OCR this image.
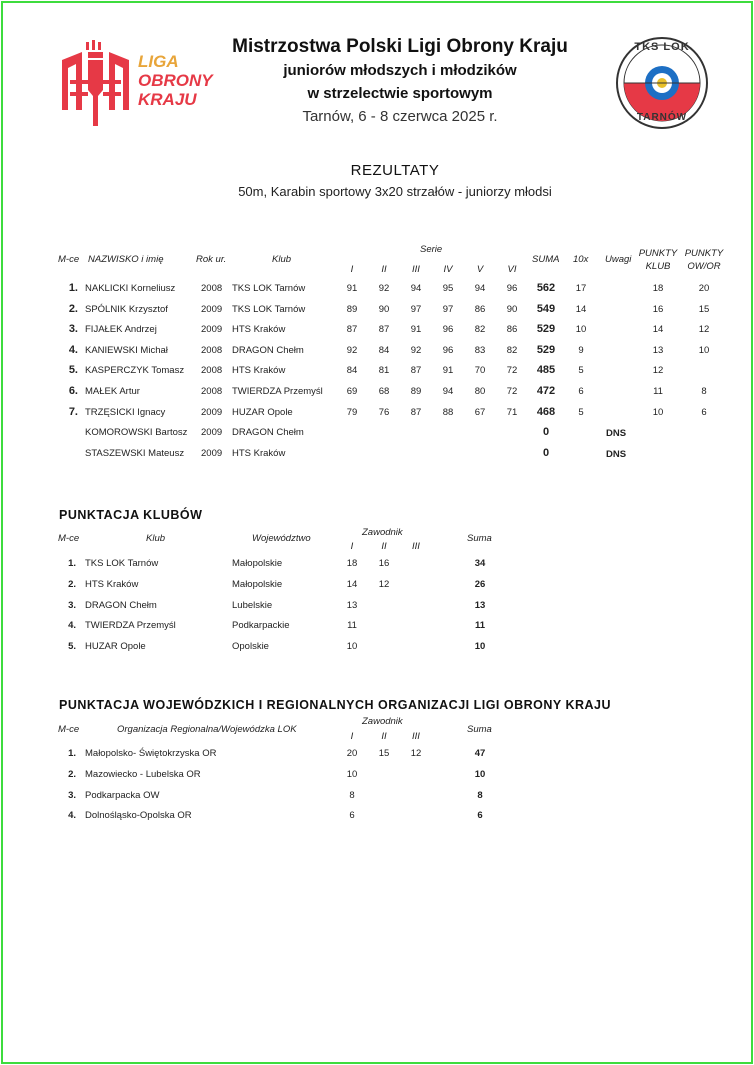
LIGA
OBRONY
KRAJU
TKS LOK
TARNÓW
Mistrzostwa Polski Ligi Obrony Kraju
juniorów młodszych i młodzików
w strzelectwie sportowym
Tarnów, 6 - 8 czerwca 2025 r.
REZULTATY
50m, Karabin sportowy 3x20 strzałów - juniorzy młodsi
M-ce NAZWISKO i imię	Rok ur.	Klub
Serie
I	II	III	IV	V	VI
SUMA 10x Uwagi
PUNKTY
KLUB
PUNKTY
OW/OR
1. NAKLICKI Korneliusz	2008 TKS LOK Tarnów	91	92	94	95	94	96	562	17	18	20
2. SPÓLNIK Krzysztof	2009 TKS LOK Tarnów	89	90	97	97	86	90	549	14	16	15
3. FIJAŁEK Andrzej	2009 HTS Kraków	87	87	91	96	82	86	529	10	14	12
4. KANIEWSKI Michał	2008 DRAGON Chełm	92	84	92	96	83	82	529	9	13	10
5. KASPERCZYK Tomasz 2008 HTS Kraków	84	81	87	91	70	72	485	5	12
6. MAŁEK Artur	2008 TWIERDZA Przemyśl	69	68	89	94	80	72	472	6	11	8
7. TRZĘSICKI Ignacy	2009 HUZAR Opole	79	76	87	88	67	71	468	5	10	6
KOMOROWSKI Bartosz 2009 DRAGON Chełm	0	DNS
STASZEWSKI Mateusz 2009 HTS Kraków	0	DNS
PUNKTACJA KLUBÓW
M-ce	Klub	Województwo
Zawodnik
I	II	III
Suma
1. TKS LOK Tarnów	Małopolskie	18	16	34
2. HTS Kraków	Małopolskie	14	12	26
3. DRAGON Chełm	Lubelskie	13	13
4. TWIERDZA Przemyśl	Podkarpackie	11	11
5. HUZAR Opole	Opolskie	10	10
PUNKTACJA WOJEWÓDZKICH I REGIONALNYCH ORGANIZACJI LIGI OBRONY KRAJU
M-ce	Organizacja Regionalna/Wojewódzka LOK
Zawodnik
I	II	III
Suma
1. Małopolsko- Świętokrzyska OR	20	15	12	47
2. Mazowiecko - Lubelska OR	10	10
3. Podkarpacka OW	8	8
4. Dolnośląsko-Opolska OR	6	6
